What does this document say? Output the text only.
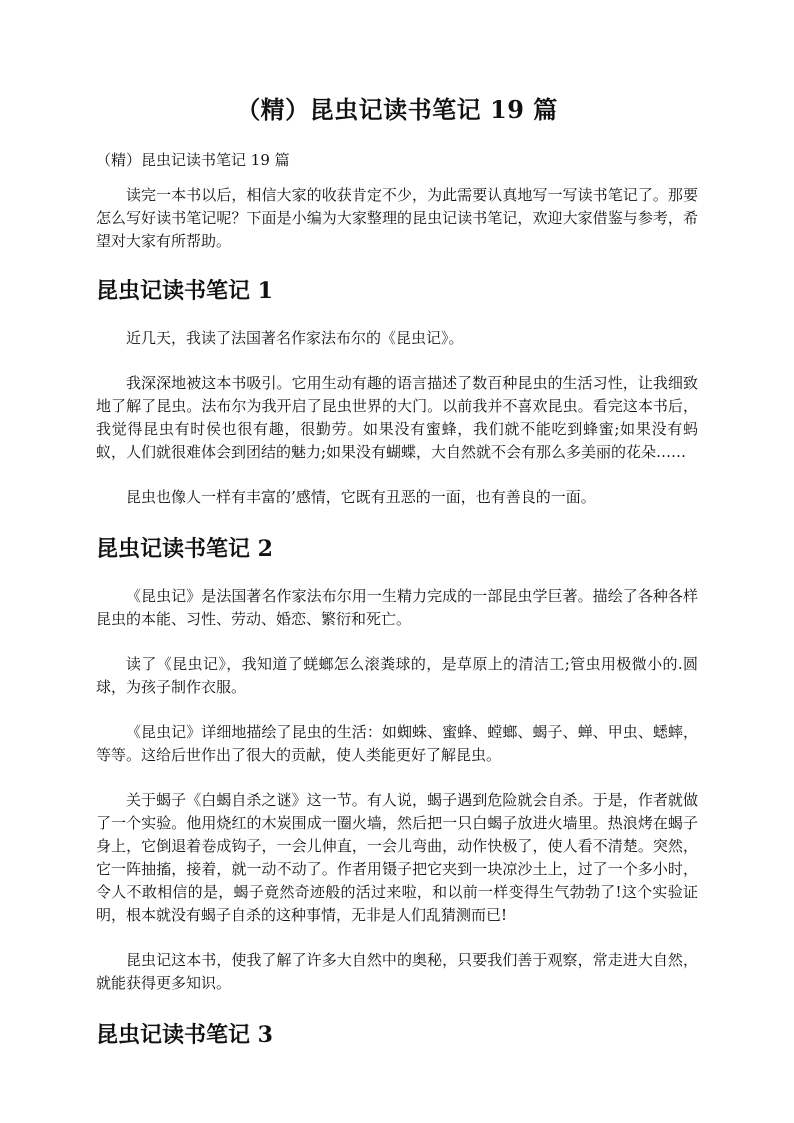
（精）昆虫记读书笔记 19 篇

（精）昆虫记读书笔记 19 篇

读完一本书以后，相信大家的收获肯定不少，为此需要认真地写一写读书笔记了。那要怎么写好读书笔记呢？下面是小编为大家整理的昆虫记读书笔记，欢迎大家借鉴与参考，希望对大家有所帮助。

昆虫记读书笔记 1

近几天，我读了法国著名作家法布尔的《昆虫记》。

我深深地被这本书吸引。它用生动有趣的语言描述了数百种昆虫的生活习性，让我细致地了解了昆虫。法布尔为我开启了昆虫世界的大门。以前我并不喜欢昆虫。看完这本书后，我觉得昆虫有时侯也很有趣，很勤劳。如果没有蜜蜂，我们就不能吃到蜂蜜;如果没有蚂蚁，人们就很难体会到团结的魅力;如果没有蝴蝶，大自然就不会有那么多美丽的花朵……

昆虫也像人一样有丰富的’感情，它既有丑恶的一面，也有善良的一面。

昆虫记读书笔记 2

《昆虫记》是法国著名作家法布尔用一生精力完成的一部昆虫学巨著。描绘了各种各样昆虫的本能、习性、劳动、婚恋、繁衍和死亡。

读了《昆虫记》，我知道了蜣螂怎么滚粪球的，是草原上的清洁工;管虫用极微小的.圆球，为孩子制作衣服。

《昆虫记》详细地描绘了昆虫的生活：如蜘蛛、蜜蜂、螳螂、蝎子、蝉、甲虫、蟋蟀，等等。这给后世作出了很大的贡献，使人类能更好了解昆虫。

关于蝎子《白蝎自杀之谜》这一节。有人说，蝎子遇到危险就会自杀。于是，作者就做了一个实验。他用烧红的木炭围成一圈火墙，然后把一只白蝎子放进火墙里。热浪烤在蝎子身上，它倒退着卷成钩子，一会儿伸直，一会儿弯曲，动作快极了，使人看不清楚。突然，它一阵抽搐，接着，就一动不动了。作者用镊子把它夹到一块凉沙土上，过了一个多小时，令人不敢相信的是，蝎子竟然奇迹般的活过来啦，和以前一样变得生气勃勃了!这个实验证明，根本就没有蝎子自杀的这种事情，无非是人们乱猜测而已!

昆虫记这本书，使我了解了许多大自然中的奥秘，只要我们善于观察，常走进大自然，就能获得更多知识。

昆虫记读书笔记 3
